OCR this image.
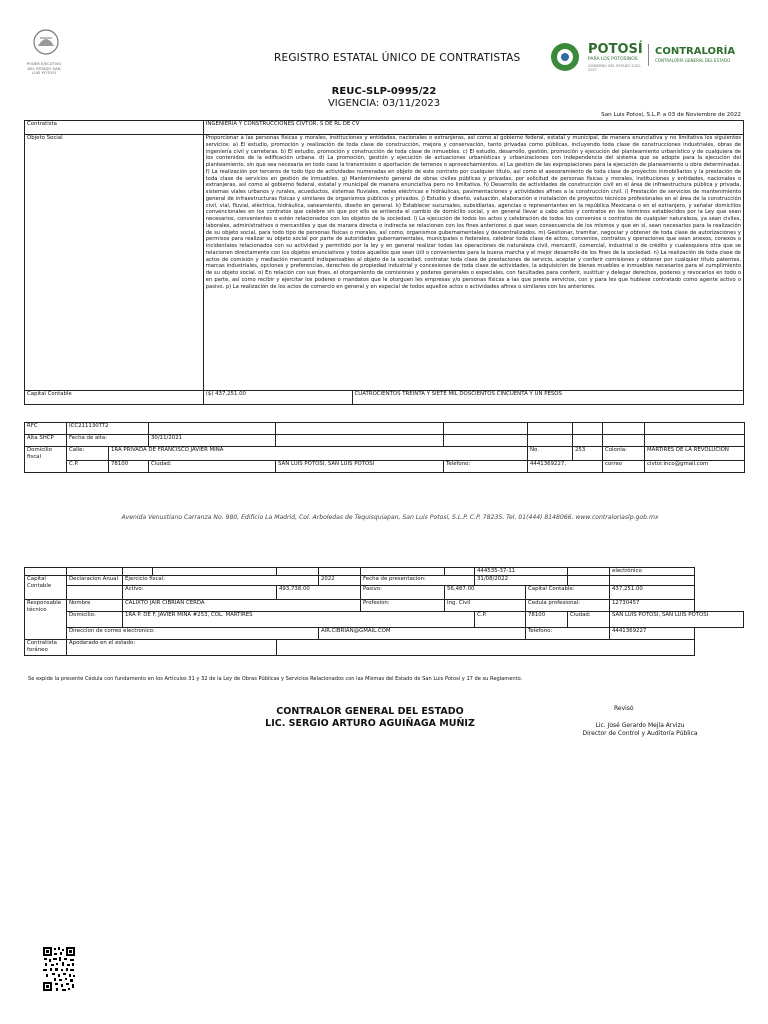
PODER EJECUTIVO DEL ESTADO SAN LUIS POTOSÍ
REGISTRO ESTATAL ÚNICO DE CONTRATISTAS
POTOSÍ
PARA LOS POTOSINOS
GOBIERNO DEL ESTADO 2021-2027
CONTRALORÍA
CONTRALORÍA GENERAL DEL ESTADO
REUC-SLP-0995/22
VIGENCIA: 03/11/2023
San Luis Potosí, S.L.P. a 03 de Noviembre de 2022
Contratista	INGENIERIA Y CONSTRUCCIONES CIVTOR, S DE RL DE CV	
Objeto Social	Proporcionar a las personas físicas y morales, instituciones y entidades, nacionales o extranjeras, así como al gobierno federal, estatal y municipal, de manera enunciativa y no limitativa los siguientes servicios: a) El estudio, promoción y realización de toda clase de construcción, mejora y conservación, tanto privadas como públicas, incluyendo toda clase de construcciones industriales, obras de ingeniería civil y carreteras. b) El estudio, promoción y construcción de toda clase de inmuebles. c) El estudio, desarrollo, gestión, promoción y ejecución del planteamiento urbanístico y de cualquiera de los contenidos de la edificación urbana. d) La promoción, gestión y ejecución de actuaciones urbanísticas y urbanizaciones con independencia del sistema que se adopte para la ejecución del planteamiento, sin que sea necesaria en todo caso la transmisión o aportación de terrenos o aprovechamientos. e) La gestión de las expropiaciones para la ejecución de planeamiento u obra determinadas. f) La realización por terceros de todo tipo de actividades numeradas en objeto de este contrato por cualquier título, así como el asesoramiento de toda clase de proyectos inmobiliarios y la prestación de toda clase de servicios en gestión de inmuebles. g) Mantenimiento general de obras civiles públicas y privadas, por solicitud de personas físicas y morales, instituciones y entidades, nacionales o extranjeras, así como al gobierno federal, estatal y municipal de manera enunciativa pero no limitativa. h) Desarrollo de actividades de construcción civil en el área de infraestructura pública y privada, sistemas viales urbanos y rurales, acueductos, sistemas fluviales, redes eléctricas e hidráulicas, pavimentaciones y actividades afines a la construcción civil. i) Prestación de servicios de mantenimiento general de infraestructuras físicas y similares de organismos públicos y privados. j) Estudio y diseño, valuación, elaboración e instalación de proyectos técnicos profesionales en el área de la construcción civil, vial, fluvial, eléctrica, hidráulica, saneamiento, diseño en general. k) Establecer sucursales, subsidiarias, agencias o representantes en la república Mexicana o en el extranjero, y señalar domicilios convencionales en los contratos que celebre sin que por ello se entienda el cambio de domicilio social, y en general llevar a cabo actos y contratos en los términos establecidos por la Ley que sean necesarios, convenientes o estén relacionados con los objetos de la sociedad. l) La ejecución de todos los actos y celebración de todos los convenios o contratos de cualquier naturaleza, ya sean civiles, laborales, administrativos o mercantiles y que de manera directa o indirecta se relacionen con los fines anteriores o que sean consecuencia de los mismos y que en sí, sean necesarios para la realización de su objeto social, para todo tipo de personas físicas o morales, así como, organismos gubernamentales y descentralizados. m) Gestionar, tramitar, negociar y obtener de toda clase de autorizaciones y permisos para realizar su objeto social por parte de autoridades gubernamentales, municipales o federales, celebrar toda clase de actos, convenios, contratos y operaciones que sean anexos, conexos o incidentales relacionados con su actividad y permitido por la ley y en general realizar todas las operaciones de naturaleza civil, mercantil, comercial, industrial o de crédito y cualesquiera otra que se relacionen directamente con los objetos enunciativos y todos aquellos que sean útil o convenientes para la buena marcha y el mejor desarrollo de los fines de la sociedad. n) La realización de toda clase de actos de comisión y mediación mercantil indispensables al objeto de la sociedad, contratar toda clase de prestaciones de servicio, aceptar y conferir comisiones y obtener por cualquier título patentes, marcas industriales, opciones y preferencias, derechos de propiedad industrial y concesiones de toda clase de actividades, la adquisición de bienes muebles e inmuebles necesarios para el cumplimiento de su objeto social. o) En relación con sus fines, el otorgamiento de comisiones y poderes generales o especiales, con facultades para conferir, sustituir y delegar derechos, poderes y revocarlos en todo o en parte, así como recibir y ejercitar los poderes o mandatos que le otorguen les empresas y/o personas físicas a las que preste servicios, con y para les que hubiese contratado como agente activo o pasivo. p) La realización de los actos de comercio en general y en especial de todos aquellos actos o actividades afines o similares con los anteriores.	
Capital Contable	($) 437,251.00	CUATROCIENTOS TREINTA Y SIETE MIL DOSCIENTOS CINCUENTA Y UN PESOS
RFC	ICC211130TT2								
Alta SHCP	Fecha de alta:		30/11/2021						
Domicilio fiscal	Calle:	1RA PRIVADA DE FRANCISCO JAVIER MINA				No.	253	Colonia:	MARTIRES DE LA REVOLUCION
	C.P.	78100	Ciudad:	SAN LUIS POTOSI, SAN LUIS POTOSI	Telefono:	4441369227,		correo	civtor.inco@gmail.com
Avenida Venustiano Carranza No. 980, Edificio La Madrid, Col. Arboledas de Tequisquiapan, San Luis Potosí, S.L.P. C.P. 78235. Tel. 01(444) 8148066. www.contraloriaslp.gob.mx
								444535-37-11			electrónico
Capital Contable	Declaracion Anual	Ejercicio fiscal:			2022	Fecha de presentacion:		31/08/2022			
		Activo:		493,738.00		Pasivo:	56,487.00		Capital Contable:		437,251.00
Responsable técnico	Nombre	CALIXTO JAIR CIBRIAN CERDA				Profesion:	Ing. Civil		Cedula profesional:		12730457
	Domicilio:	1RA P. DE F. JAVIER MINA #253, COL. MARTIRES						C.P.	78100	Ciudad:	SAN LUIS POTOSI, SAN LUIS POTOSI
	Direccion de correo electronico:				AIR.CIBRIAN@GMAIL.COM				Telefono:		4441369227
Contratista foráneo	Apoderado en el estado:										
Se expide la presente Cédula con fundamento en los Artículos 31 y 32 de la Ley de Obras Públicas y Servicios Relacionados con las Mismas del Estado de San Luis Potosí y 17 de su Reglamento.
CONTRALOR GENERAL DEL ESTADO
LIC. SERGIO ARTURO AGUIÑAGA MUÑIZ
Revisó
Lic. José Gerardo Mejía Arvizu
Director de Control y Auditoría Pública
